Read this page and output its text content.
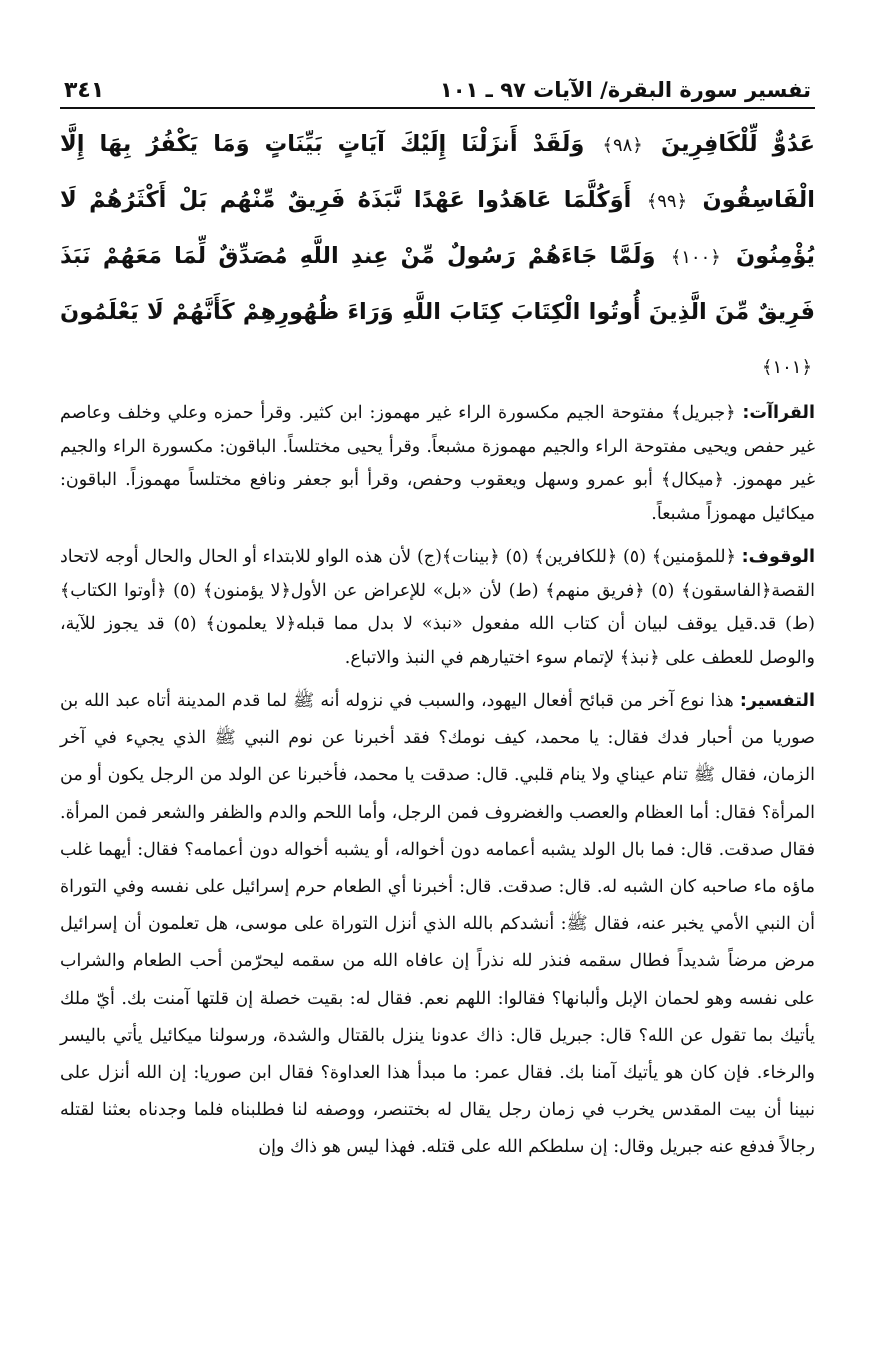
تفسير سورة البقرة/ الآيات ٩٧ ـ ١٠١
٣٤١
عَدُوٌّ لِّلْكَافِرِينَ ﴿٩٨﴾ وَلَقَدْ أَنزَلْنَا إِلَيْكَ آيَاتٍ بَيِّنَاتٍ وَمَا يَكْفُرُ بِهَا إِلَّا الْفَاسِقُونَ ﴿٩٩﴾ أَوَكُلَّمَا عَاهَدُوا عَهْدًا نَّبَذَهُ فَرِيقٌ مِّنْهُم بَلْ أَكْثَرُهُمْ لَا يُؤْمِنُونَ ﴿١٠٠﴾ وَلَمَّا جَاءَهُمْ رَسُولٌ مِّنْ عِندِ اللَّهِ مُصَدِّقٌ لِّمَا مَعَهُمْ نَبَذَ فَرِيقٌ مِّنَ الَّذِينَ أُوتُوا الْكِتَابَ كِتَابَ اللَّهِ وَرَاءَ ظُهُورِهِمْ كَأَنَّهُمْ لَا يَعْلَمُونَ ﴿١٠١﴾
القراآت: ﴿جبريل﴾ مفتوحة الجيم مكسورة الراء غير مهموز: ابن كثير. وقرأ حمزه وعلي وخلف وعاصم غير حفص ويحيى مفتوحة الراء والجيم مهموزة مشبعاً. وقرأ يحيى مختلساً. الباقون: مكسورة الراء والجيم غير مهموز. ﴿ميكال﴾ أبو عمرو وسهل ويعقوب وحفص، وقرأ أبو جعفر ونافع مختلساً مهموزاً. الباقون: ميكائيل مهموزاً مشبعاً.
الوقوف: ﴿للمؤمنين﴾ (٥) ﴿للكافرين﴾ (٥) ﴿بينات﴾(ج) لأن هذه الواو للابتداء أو الحال والحال أوجه لاتحاد القصة﴿الفاسقون﴾ (٥) ﴿فريق منهم﴾ (ط) لأن «بل» للإعراض عن الأول﴿لا يؤمنون﴾ (٥) ﴿أوتوا الكتاب﴾ (ط) قد.قيل يوقف لبيان أن كتاب الله مفعول «نبذ» لا بدل مما قبله﴿لا يعلمون﴾ (٥) قد يجوز للآية، والوصل للعطف على ﴿نبذ﴾ لإتمام سوء اختيارهم في النبذ والاتباع.
التفسير: هذا نوع آخر من قبائح أفعال اليهود، والسبب في نزوله أنه ﷺ لما قدم المدينة أتاه عبد الله بن صوريا من أحبار فدك فقال: يا محمد، كيف نومك؟ فقد أخبرنا عن نوم النبي ﷺ الذي يجيء في آخر الزمان، فقال ﷺ تنام عيناي ولا ينام قلبي. قال: صدقت يا محمد، فأخبرنا عن الولد من الرجل يكون أو من المرأة؟ فقال: أما العظام والعصب والغضروف فمن الرجل، وأما اللحم والدم والظفر والشعر فمن المرأة. فقال صدقت. قال: فما بال الولد يشبه أعمامه دون أخواله، أو يشبه أخواله دون أعمامه؟ فقال: أيهما غلب ماؤه ماء صاحبه كان الشبه له. قال: صدقت. قال: أخبرنا أي الطعام حرم إسرائيل على نفسه وفي التوراة أن النبي الأمي يخبر عنه، فقال ﷺ: أنشدكم بالله الذي أنزل التوراة على موسى، هل تعلمون أن إسرائيل مرض مرضاً شديداً فطال سقمه فنذر لله نذراً إن عافاه الله من سقمه ليحرّمن أحب الطعام والشراب على نفسه وهو لحمان الإبل وألبانها؟ فقالوا: اللهم نعم. فقال له: بقيت خصلة إن قلتها آمنت بك. أيّ ملك يأتيك بما تقول عن الله؟ قال: جبريل قال: ذاك عدونا ينزل بالقتال والشدة، ورسولنا ميكائيل يأتي باليسر والرخاء. فإن كان هو يأتيك آمنا بك. فقال عمر: ما مبدأ هذا العداوة؟ فقال ابن صوريا: إن الله أنزل على نبينا أن بيت المقدس يخرب في زمان رجل يقال له بختنصر، ووصفه لنا فطلبناه فلما وجدناه بعثنا لقتله رجالاً فدفع عنه جبريل وقال: إن سلطكم الله على قتله. فهذا ليس هو ذاك وإن
